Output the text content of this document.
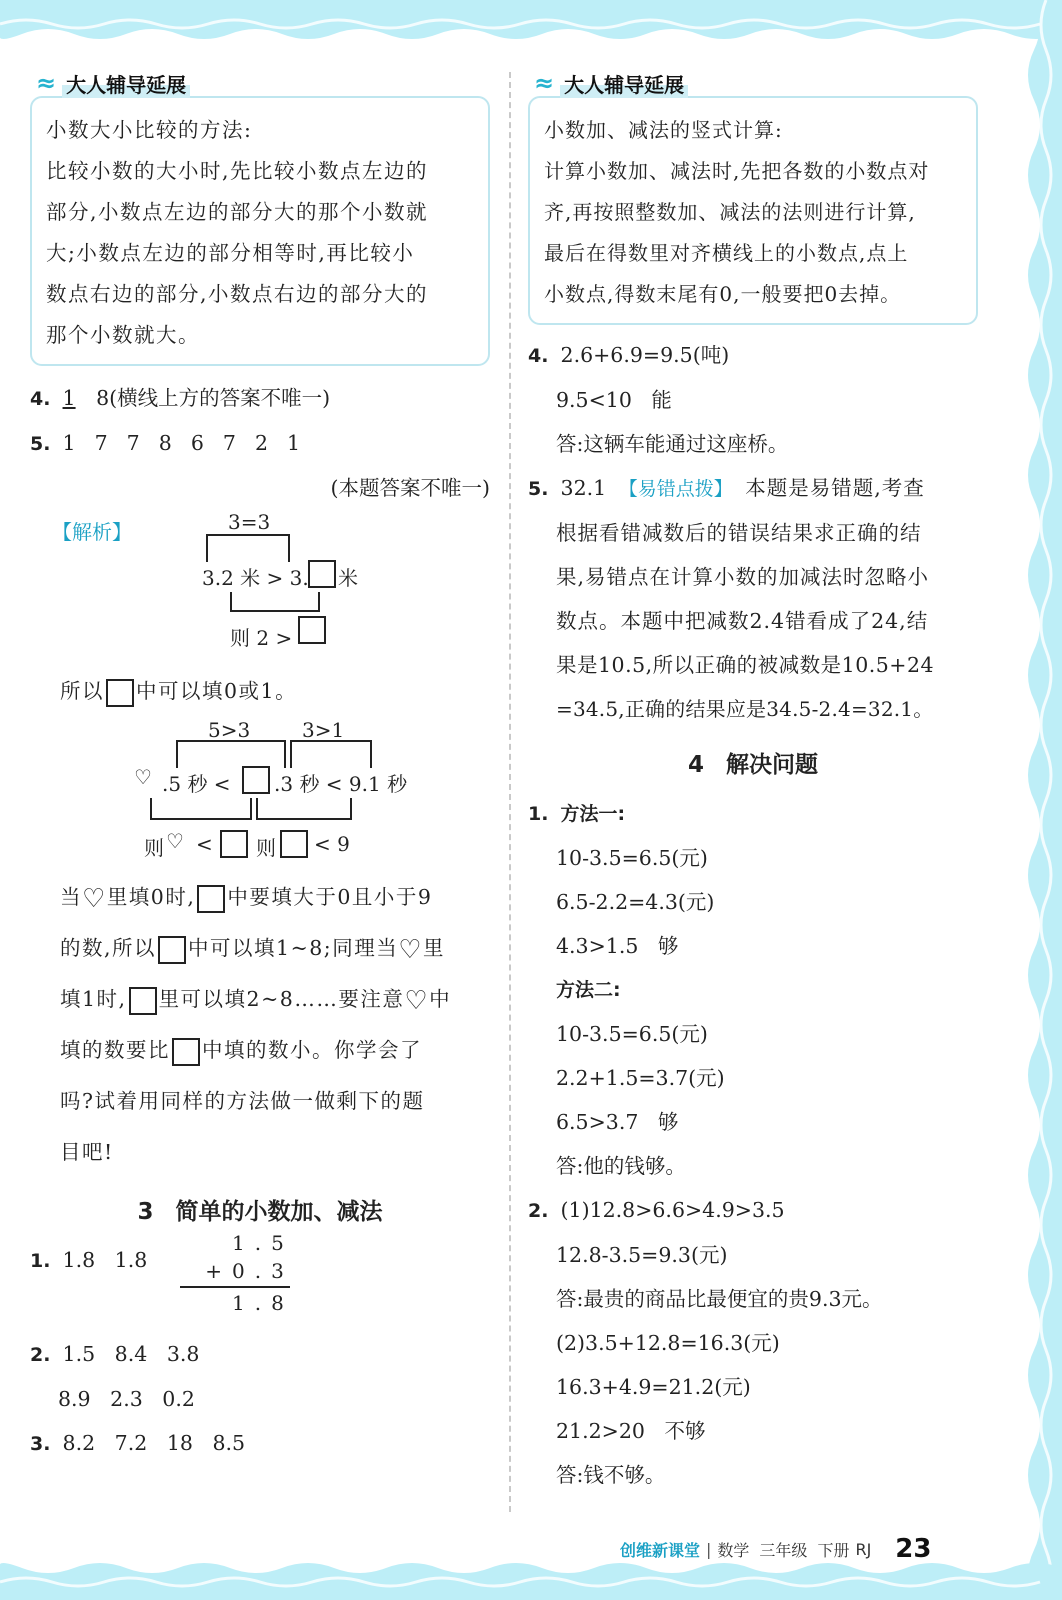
≈ 大人辅导延展
小数大小比较的方法:
比较小数的大小时,先比较小数点左边的
部分,小数点左边的部分大的那个小数就
大;小数点左边的部分相等时,再比较小
数点右边的部分,小数点右边的部分大的
那个小数就大。
4. 1 8(横线上方的答案不唯一)
5. 1  7  7  8  6  7  2  1
(本题答案不唯一)
【解析】	3=3
3.2 米 > 3. 米
则 2 >
所以 中可以填0或1。
5>3	3>1
♡ .5 秒 < .3 秒 < 9.1 秒
则 ♡ < 则 < 9
当♡里填0时, 中要填大于0且小于9
的数,所以 中可以填1~8;同理当♡里
填1时, 里可以填2~8……要注意♡中
填的数要比 中填的数小。你学会了
吗?试着用同样的方法做一做剩下的题
目吧!
3 简单的小数加、减法
1. 1.8   1.8
1.5
+0.3
1.8
2. 1.5   8.4   3.8
8.9   2.3   0.2
3. 8.2   7.2   18   8.5
≈ 大人辅导延展
小数加、减法的竖式计算:
计算小数加、减法时,先把各数的小数点对
齐,再按照整数加、减法的法则进行计算,
最后在得数里对齐横线上的小数点,点上
小数点,得数末尾有0,一般要把0去掉。
4. 2.6+6.9=9.5(吨)
9.5<10   能
答:这辆车能通过这座桥。
5. 32.1 【易错点拨】 本题是易错题,考查
根据看错减数后的错误结果求正确的结
果,易错点在计算小数的加减法时忽略小
数点。本题中把减数2.4错看成了24,结
果是10.5,所以正确的被减数是10.5+24
=34.5,正确的结果应是34.5-2.4=32.1。
4 解决问题
1. 方法一:
10-3.5=6.5(元)
6.5-2.2=4.3(元)
4.3>1.5   够
方法二:
10-3.5=6.5(元)
2.2+1.5=3.7(元)
6.5>3.7   够
答:他的钱够。
2. (1)12.8>6.6>4.9>3.5
12.8-3.5=9.3(元)
答:最贵的商品比最便宜的贵9.3元。
(2)3.5+12.8=16.3(元)
16.3+4.9=21.2(元)
21.2>20   不够
答:钱不够。
创维新课堂 | 数学 三年级 下册 RJ 23
